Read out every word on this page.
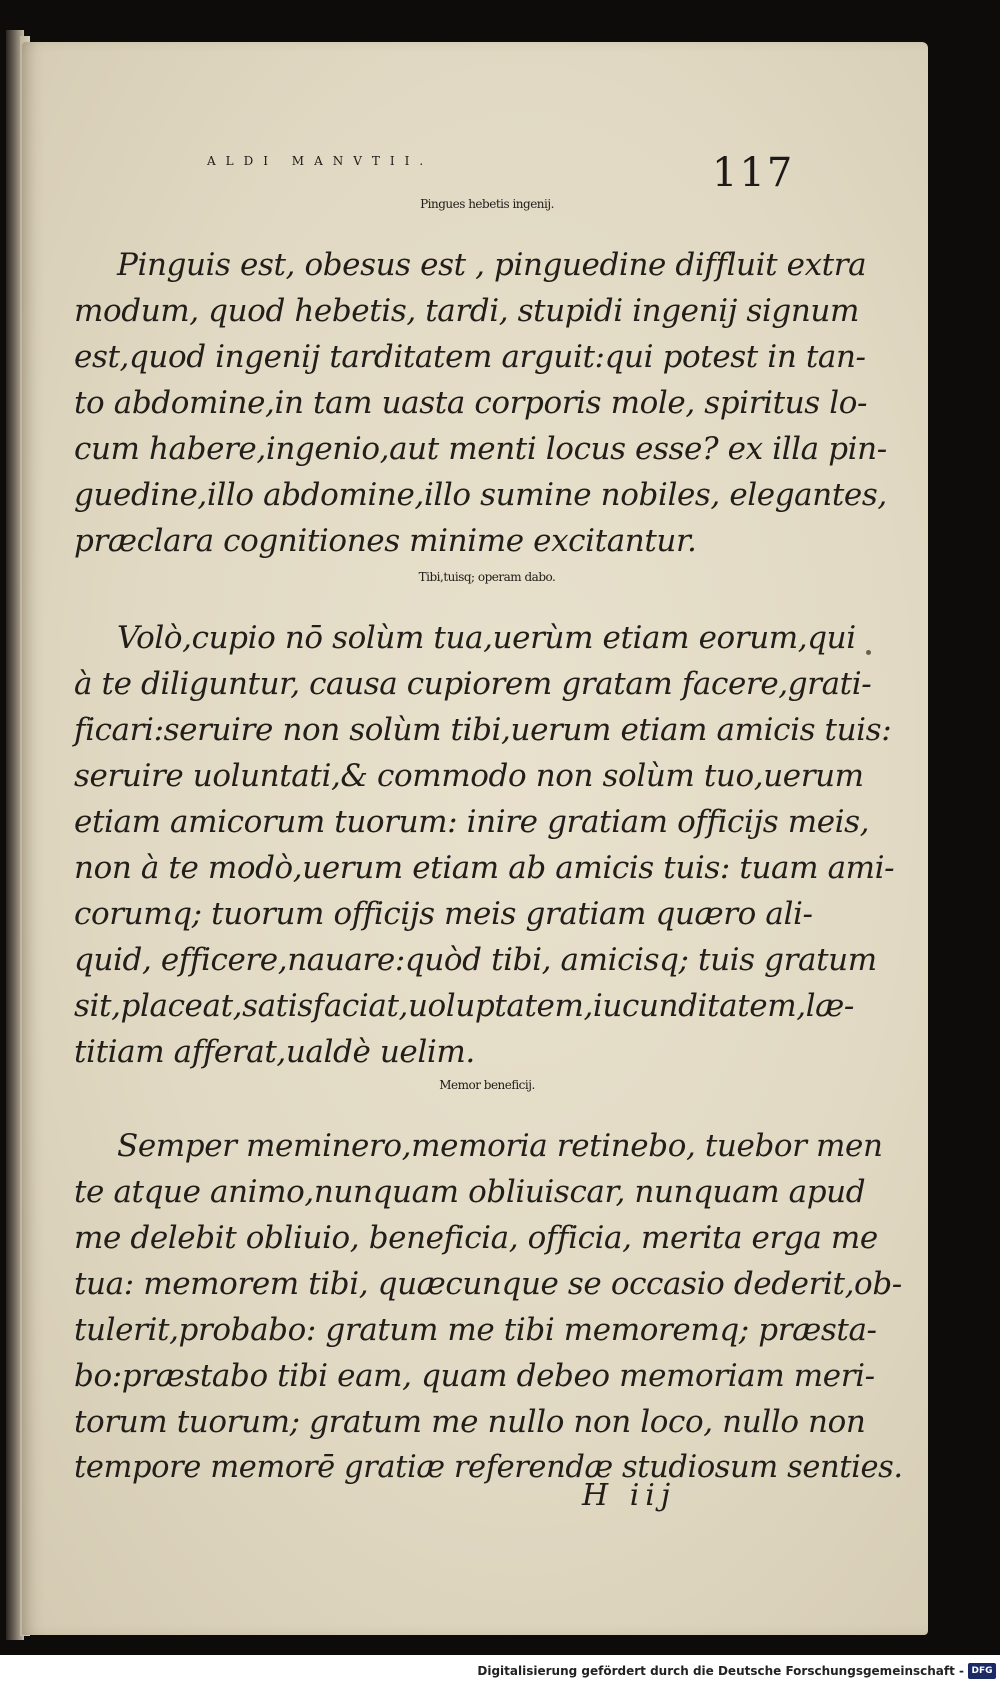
ALDI MANVTII.	117
Pingues hebetis ingenij.
Pinguis est, obesus est , pinguedine diffluit extra
modum, quod hebetis, tardi, stupidi ingenij signum
est,quod ingenij tarditatem arguit:qui potest in tan-
to abdomine,in tam uasta corporis mole, spiritus lo-
cum habere,ingenio,aut menti locus esse? ex illa pin-
guedine,illo abdomine,illo sumine nobiles, elegantes,
præclara cognitiones minime excitantur.
Tibi,tuisq; operam dabo.
Volò,cupio nō solùm tua,uerùm etiam eorum,qui
à te diliguntur, causa cupiorem gratam facere,grati-
ficari:seruire non solùm tibi,uerum etiam amicis tuis:
seruire uoluntati,& commodo non solùm tuo,uerum
etiam amicorum tuorum: inire gratiam officijs meis,
non à te modò,uerum etiam ab amicis tuis: tuam ami-
corumq; tuorum officijs meis gratiam quæro ali-
quid, efficere,nauare:quòd tibi, amicisq; tuis gratum
sit,placeat,satisfaciat,uoluptatem,iucunditatem,læ-
titiam afferat,ualdè uelim.
Memor beneficij.
Semper meminero,memoria retinebo, tuebor men
te atque animo,nunquam obliuiscar, nunquam apud
me delebit obliuio, beneficia, officia, merita erga me
tua: memorem tibi, quæcunque se occasio dederit,ob-
tulerit,probabo: gratum me tibi memoremq; præsta-
bo:præstabo tibi eam, quam debeo memoriam meri-
torum tuorum; gratum me nullo non loco, nullo non
tempore memorē gratiæ referendæ studiosum senties.
H iij
Digitalisierung gefördert durch die Deutsche Forschungsgemeinschaft - DFG
